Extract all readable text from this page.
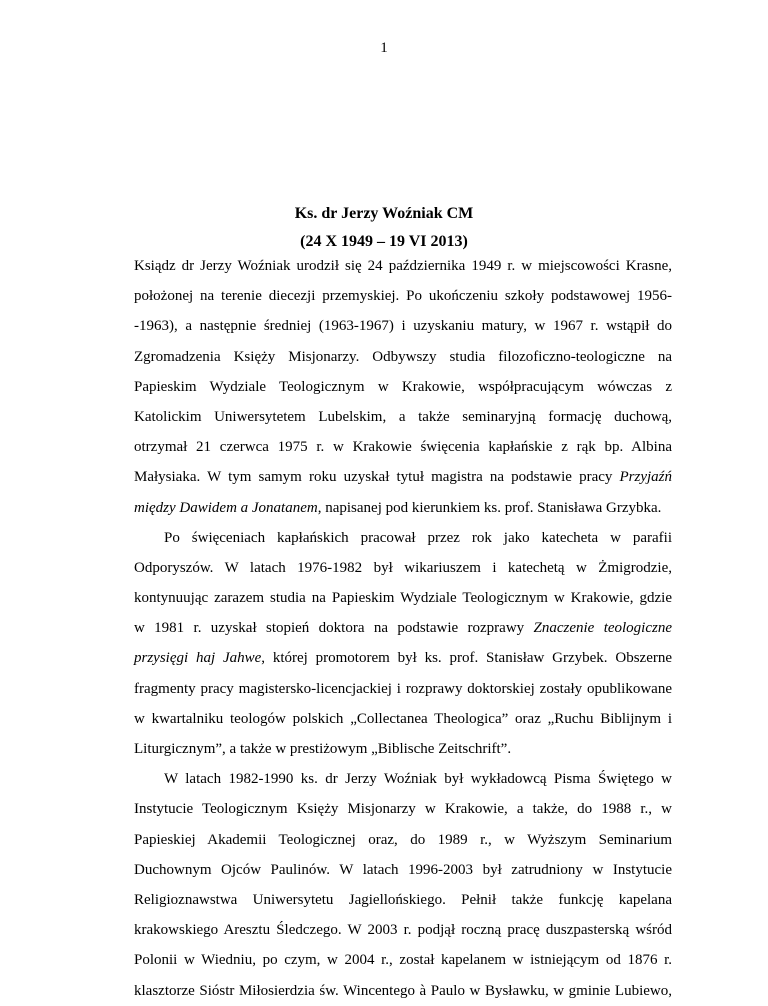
1
Ks. dr Jerzy Woźniak CM
(24 X 1949 – 19 VI 2013)
Ksiądz dr Jerzy Woźniak urodził się 24 października 1949 r. w miejscowości Krasne,
położonej na terenie diecezji przemyskiej. Po ukończeniu szkoły podstawowej 1956-
-1963), a następnie średniej (1963-1967) i uzyskaniu matury, w 1967 r. wstąpił do
Zgromadzenia Księży Misjonarzy. Odbywszy studia filozoficzno-teologiczne na
Papieskim Wydziale Teologicznym w Krakowie, współpracującym wówczas z
Katolickim Uniwersytetem Lubelskim, a także seminaryjną formację duchową,
otrzymał 21 czerwca 1975 r. w Krakowie święcenia kapłańskie z rąk bp. Albina
Małysiaka. W tym samym roku uzyskał tytuł magistra na podstawie pracy Przyjaźń
między Dawidem a Jonatanem, napisanej pod kierunkiem ks. prof. Stanisława Grzybka.
Po święceniach kapłańskich pracował przez rok jako katecheta w parafii
Odporyszów. W latach 1976-1982 był wikariuszem i katechetą w Żmigrodzie,
kontynuując zarazem studia na Papieskim Wydziale Teologicznym w Krakowie, gdzie
w 1981 r. uzyskał stopień doktora na podstawie rozprawy Znaczenie teologiczne
przysięgi haj Jahwe, której promotorem był ks. prof. Stanisław Grzybek. Obszerne
fragmenty pracy magistersko-licencjackiej i rozprawy doktorskiej zostały opublikowane
w kwartalniku teologów polskich „Collectanea Theologica” oraz „Ruchu Biblijnym i
Liturgicznym”, a także w prestiżowym „Biblische Zeitschrift”.
W latach 1982-1990 ks. dr Jerzy Woźniak był wykładowcą Pisma Świętego w
Instytucie Teologicznym Księży Misjonarzy w Krakowie, a także, do 1988 r., w
Papieskiej Akademii Teologicznej oraz, do 1989 r., w Wyższym Seminarium
Duchownym Ojców Paulinów. W latach 1996-2003 był zatrudniony w Instytucie
Religioznawstwa Uniwersytetu Jagiellońskiego. Pełnił także funkcję kapelana
krakowskiego Aresztu Śledczego. W 2003 r. podjął roczną pracę duszpasterską wśród
Polonii w Wiedniu, po czym, w 2004 r., został kapelanem w istniejącym od 1876 r.
klasztorze Sióstr Miłosierdzia św. Wincentego à Paulo w Bysławku, w gminie Lubiewo,
